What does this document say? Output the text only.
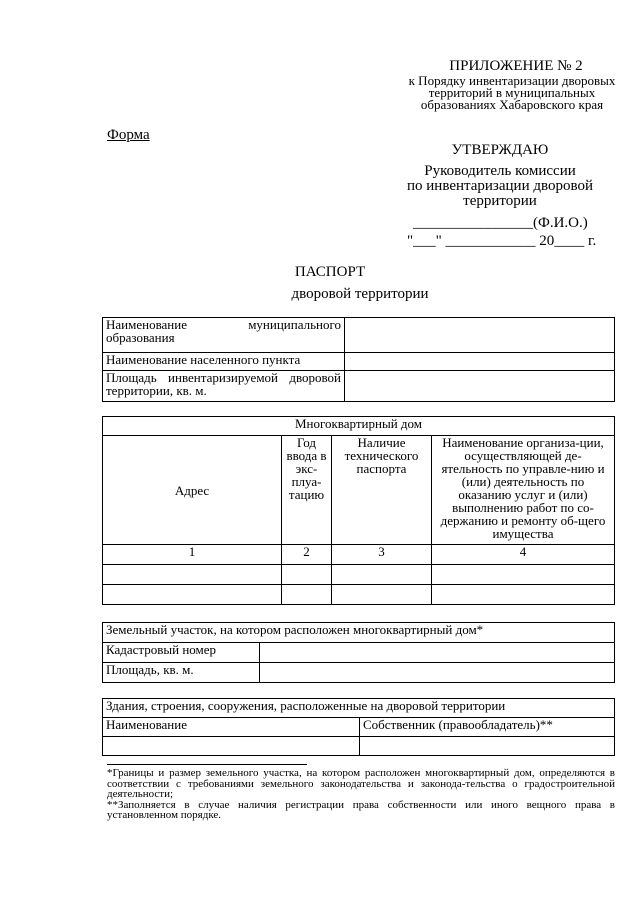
ПРИЛОЖЕНИЕ № 2
к Порядку инвентаризации дворовых
территорий в муниципальных
образованиях Хабаровского края
Форма
УТВЕРЖДАЮ
Руководитель комиссии
по инвентаризации дворовой
территории
________________(Ф.И.О.)
"___" ____________ 20____ г.
ПАСПОРТ
дворовой территории
Наименование муниципального образования	
Наименование населенного пункта	
Площадь инвентаризируемой дворовой территории, кв. м.	
Многоквартирный дом			
Адрес	Год ввода в экс-плуа-тацию	Наличие технического паспорта	Наименование организа-ции, осуществляющей де-ятельность по управле-нию и (или) деятельность по оказанию услуг и (или) выполнению работ по со-держанию и ремонту об-щего имущества
1	2	3	4

Земельный участок, на котором расположен многоквартирный дом*	
Кадастровый номер	
Площадь, кв. м.	
Здания, строения, сооружения, расположенные на дворовой территории	
Наименование	Собственник (правообладатель)**

*Границы и размер земельного участка, на котором расположен многоквартирный дом, определяются в соответствии с требованиями земельного законодательства и законода-тельства о градостроительной деятельности;
**Заполняется в случае наличия регистрации права собственности или иного вещного права в установленном порядке.
